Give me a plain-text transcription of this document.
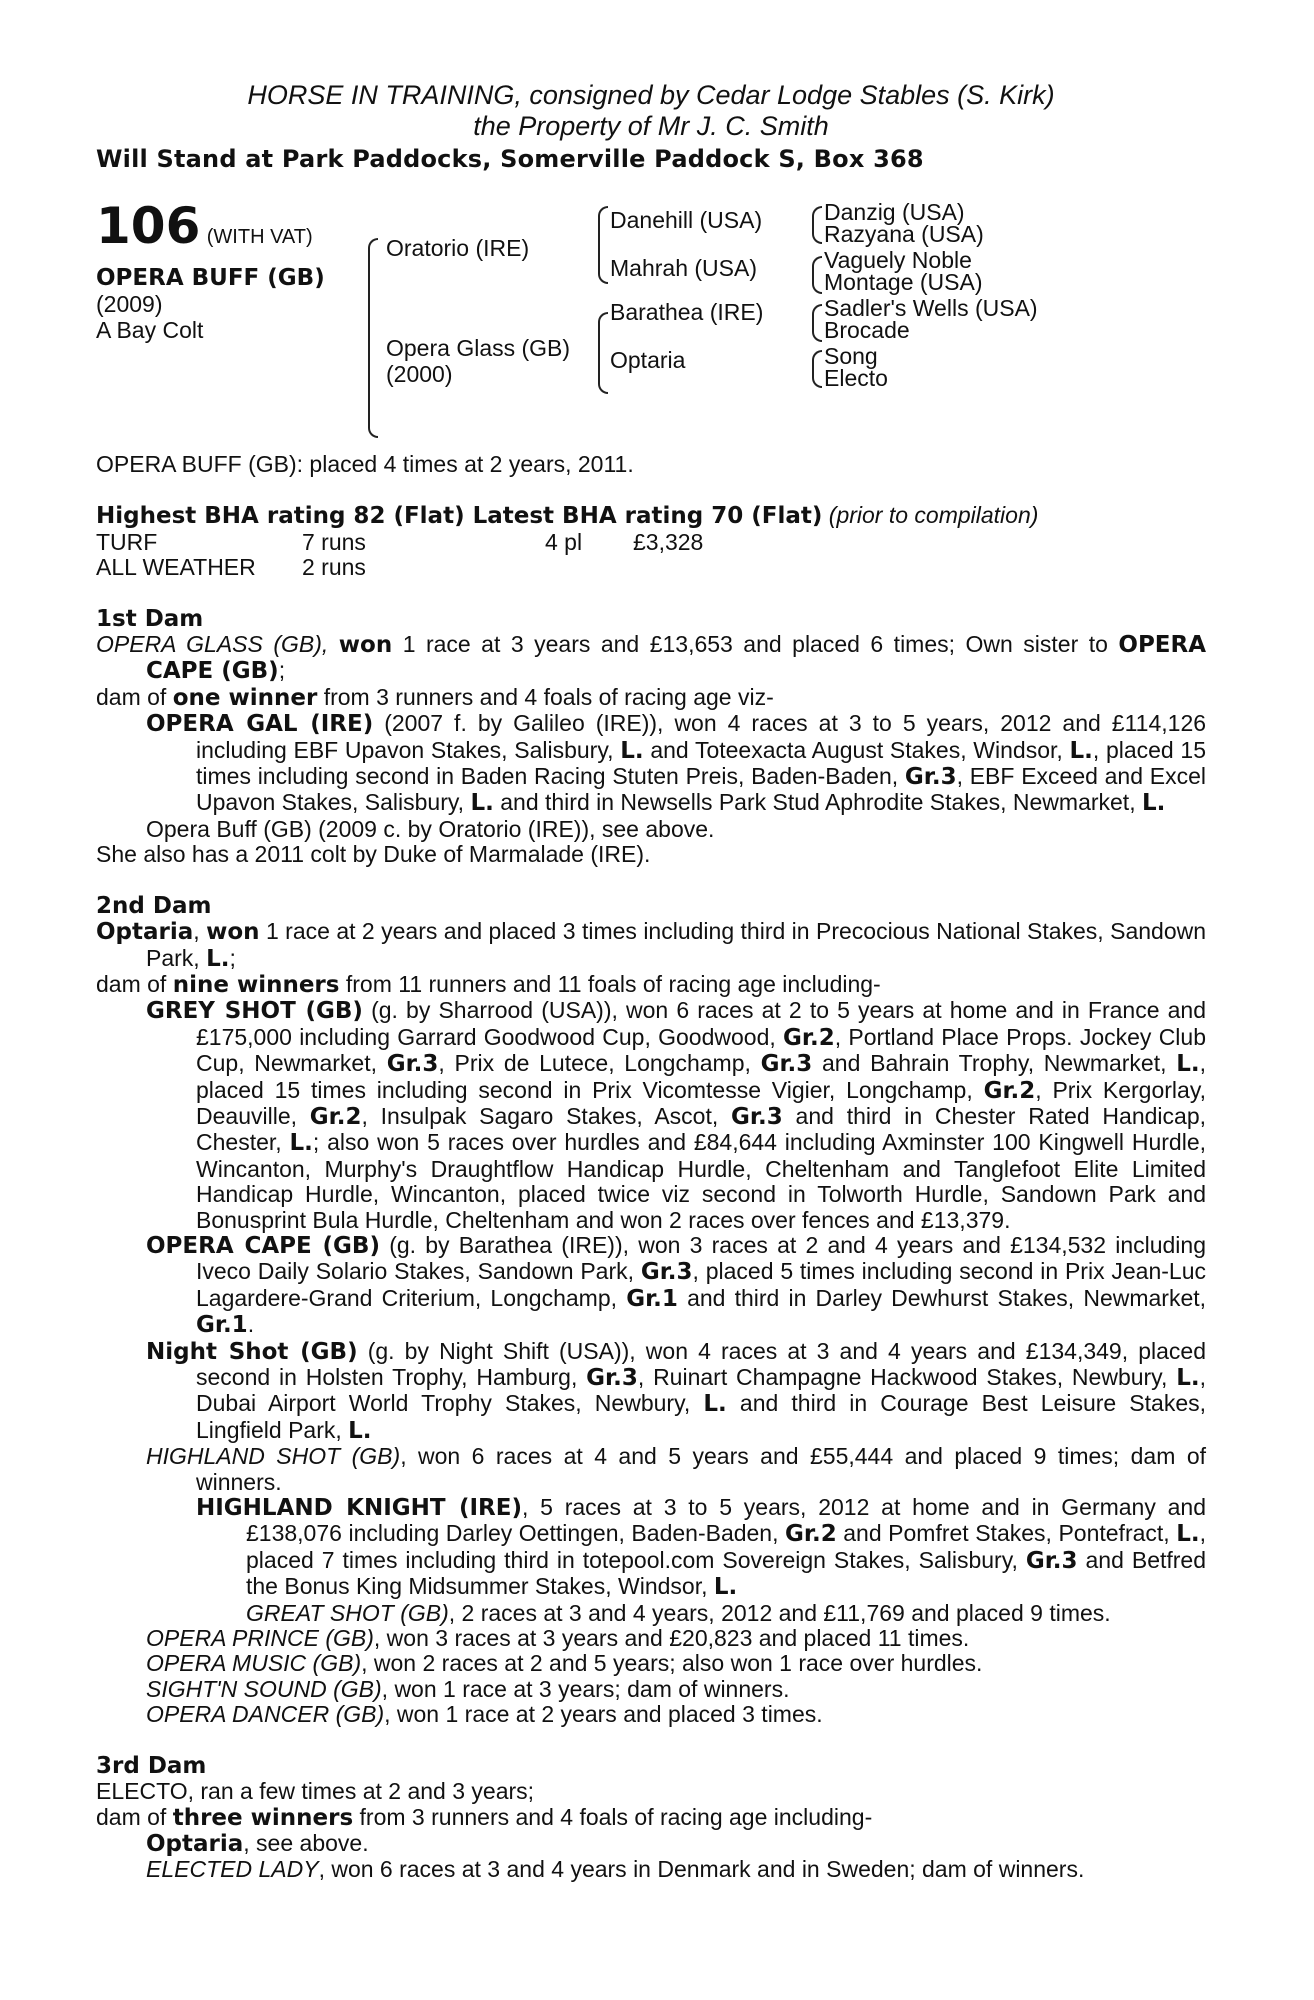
HORSE IN TRAINING, consigned by Cedar Lodge Stables (S. Kirk)
the Property of Mr J. C. Smith
Will Stand at Park Paddocks, Somerville Paddock S, Box 368
106 (WITH VAT)
OPERA BUFF (GB)
(2009)
A Bay Colt
Oratorio (IRE)
Opera Glass (GB)
(2000)
Danehill (USA)
Mahrah (USA)
Barathea (IRE)
Optaria
Danzig (USA)
Razyana (USA)
Vaguely Noble
Montage (USA)
Sadler's Wells (USA)
Brocade
Song
Electo

OPERA BUFF (GB): placed 4 times at 2 years, 2011.

Highest BHA rating 82 (Flat) Latest BHA rating 70 (Flat) (prior to compilation)

TURF	7 runs	4 pl	£3,328
ALL WEATHER	2 runs
1st Dam

OPERA GLASS (GB), won 1 race at 3 years and £13,653 and placed 6 times; Own sister to OPERA CAPE (GB);

dam of one winner from 3 runners and 4 foals of racing age viz-

OPERA GAL (IRE) (2007 f. by Galileo (IRE)), won 4 races at 3 to 5 years, 2012 and £114,126 including EBF Upavon Stakes, Salisbury, L. and Toteexacta August Stakes, Windsor, L., placed 15 times including second in Baden Racing Stuten Preis, Baden-Baden, Gr.3, EBF Exceed and Excel Upavon Stakes, Salisbury, L. and third in Newsells Park Stud Aphrodite Stakes, Newmarket, L.

Opera Buff (GB) (2009 c. by Oratorio (IRE)), see above.

She also has a 2011 colt by Duke of Marmalade (IRE).

2nd Dam

Optaria, won 1 race at 2 years and placed 3 times including third in Precocious National Stakes, Sandown Park, L.;

dam of nine winners from 11 runners and 11 foals of racing age including-

GREY SHOT (GB) (g. by Sharrood (USA)), won 6 races at 2 to 5 years at home and in France and £175,000 including Garrard Goodwood Cup, Goodwood, Gr.2, Portland Place Props. Jockey Club Cup, Newmarket, Gr.3, Prix de Lutece, Longchamp, Gr.3 and Bahrain Trophy, Newmarket, L., placed 15 times including second in Prix Vicomtesse Vigier, Longchamp, Gr.2, Prix Kergorlay, Deauville, Gr.2, Insulpak Sagaro Stakes, Ascot, Gr.3 and third in Chester Rated Handicap, Chester, L.; also won 5 races over hurdles and £84,644 including Axminster 100 Kingwell Hurdle, Wincanton, Murphy's Draughtflow Handicap Hurdle, Cheltenham and Tanglefoot Elite Limited Handicap Hurdle, Wincanton, placed twice viz second in Tolworth Hurdle, Sandown Park and Bonusprint Bula Hurdle, Cheltenham and won 2 races over fences and £13,379.

OPERA CAPE (GB) (g. by Barathea (IRE)), won 3 races at 2 and 4 years and £134,532 including Iveco Daily Solario Stakes, Sandown Park, Gr.3, placed 5 times including second in Prix Jean-Luc Lagardere-Grand Criterium, Longchamp, Gr.1 and third in Darley Dewhurst Stakes, Newmarket, Gr.1.

Night Shot (GB) (g. by Night Shift (USA)), won 4 races at 3 and 4 years and £134,349, placed second in Holsten Trophy, Hamburg, Gr.3, Ruinart Champagne Hackwood Stakes, Newbury, L., Dubai Airport World Trophy Stakes, Newbury, L. and third in Courage Best Leisure Stakes, Lingfield Park, L.

HIGHLAND SHOT (GB), won 6 races at 4 and 5 years and £55,444 and placed 9 times; dam of winners.

HIGHLAND KNIGHT (IRE), 5 races at 3 to 5 years, 2012 at home and in Germany and £138,076 including Darley Oettingen, Baden-Baden, Gr.2 and Pomfret Stakes, Pontefract, L., placed 7 times including third in totepool.com Sovereign Stakes, Salisbury, Gr.3 and Betfred the Bonus King Midsummer Stakes, Windsor, L.

GREAT SHOT (GB), 2 races at 3 and 4 years, 2012 and £11,769 and placed 9 times.

OPERA PRINCE (GB), won 3 races at 3 years and £20,823 and placed 11 times.

OPERA MUSIC (GB), won 2 races at 2 and 5 years; also won 1 race over hurdles.

SIGHT'N SOUND (GB), won 1 race at 3 years; dam of winners.

OPERA DANCER (GB), won 1 race at 2 years and placed 3 times.

3rd Dam

ELECTO, ran a few times at 2 and 3 years;

dam of three winners from 3 runners and 4 foals of racing age including-

Optaria, see above.

ELECTED LADY, won 6 races at 3 and 4 years in Denmark and in Sweden; dam of winners.
